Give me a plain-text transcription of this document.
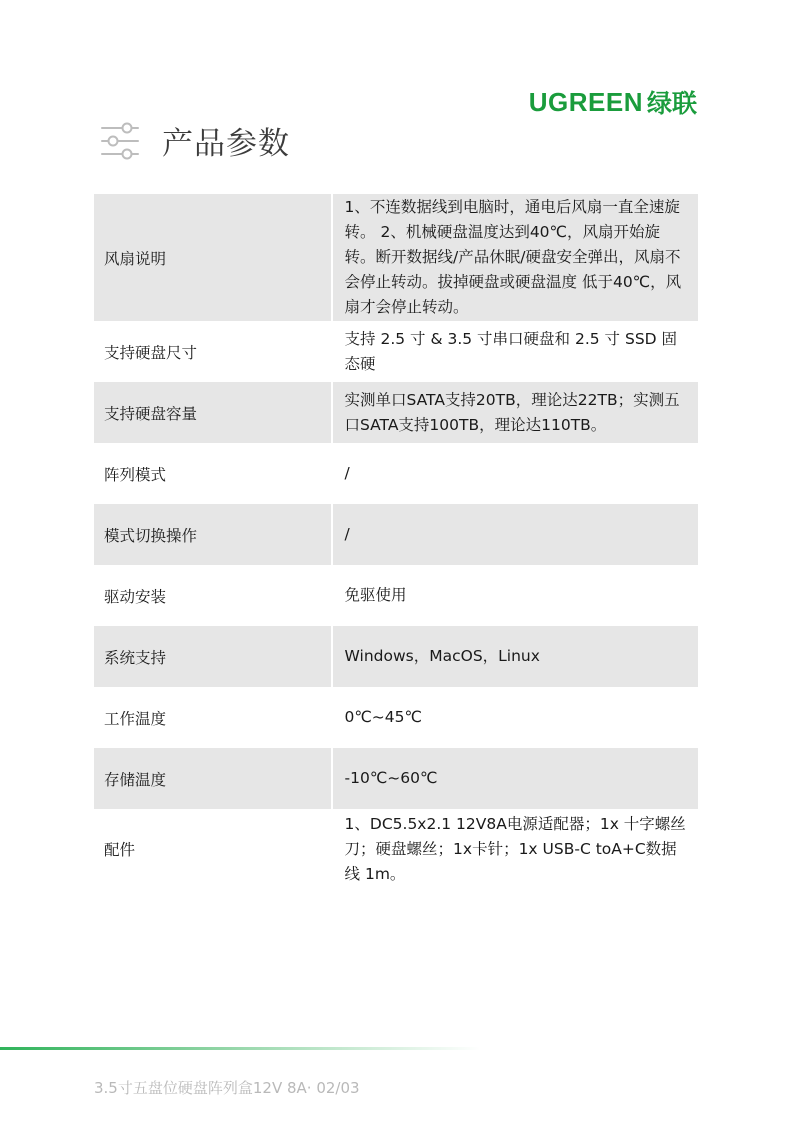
UGREEN 绿联
产品参数
风扇说明	1、不连数据线到电脑时，通电后风扇一直全速旋转。 2、机械硬盘温度达到40℃，风扇开始旋转。断开数据线/产品休眠/硬盘安全弹出，风扇不会停止转动。拔掉硬盘或硬盘温度 低于40℃，风扇才会停止转动。
支持硬盘尺寸	支持 2.5 寸 & 3.5 寸串口硬盘和 2.5 寸 SSD 固态硬
支持硬盘容量	实测单口SATA支持20TB，理论达22TB；实测五口SATA支持100TB，理论达110TB。
阵列模式	/
模式切换操作	/
驱动安装	免驱使用
系统支持	Windows，MacOS，Linux
工作温度	0℃~45℃
存储温度	-10℃~60℃
配件	1、DC5.5x2.1 12V8A电源适配器；1x 十字螺丝刀；硬盘螺丝；1x卡针；1x USB-C toA+C数据线 1m。
3.5寸五盘位硬盘阵列盒12V 8A· 02/03
